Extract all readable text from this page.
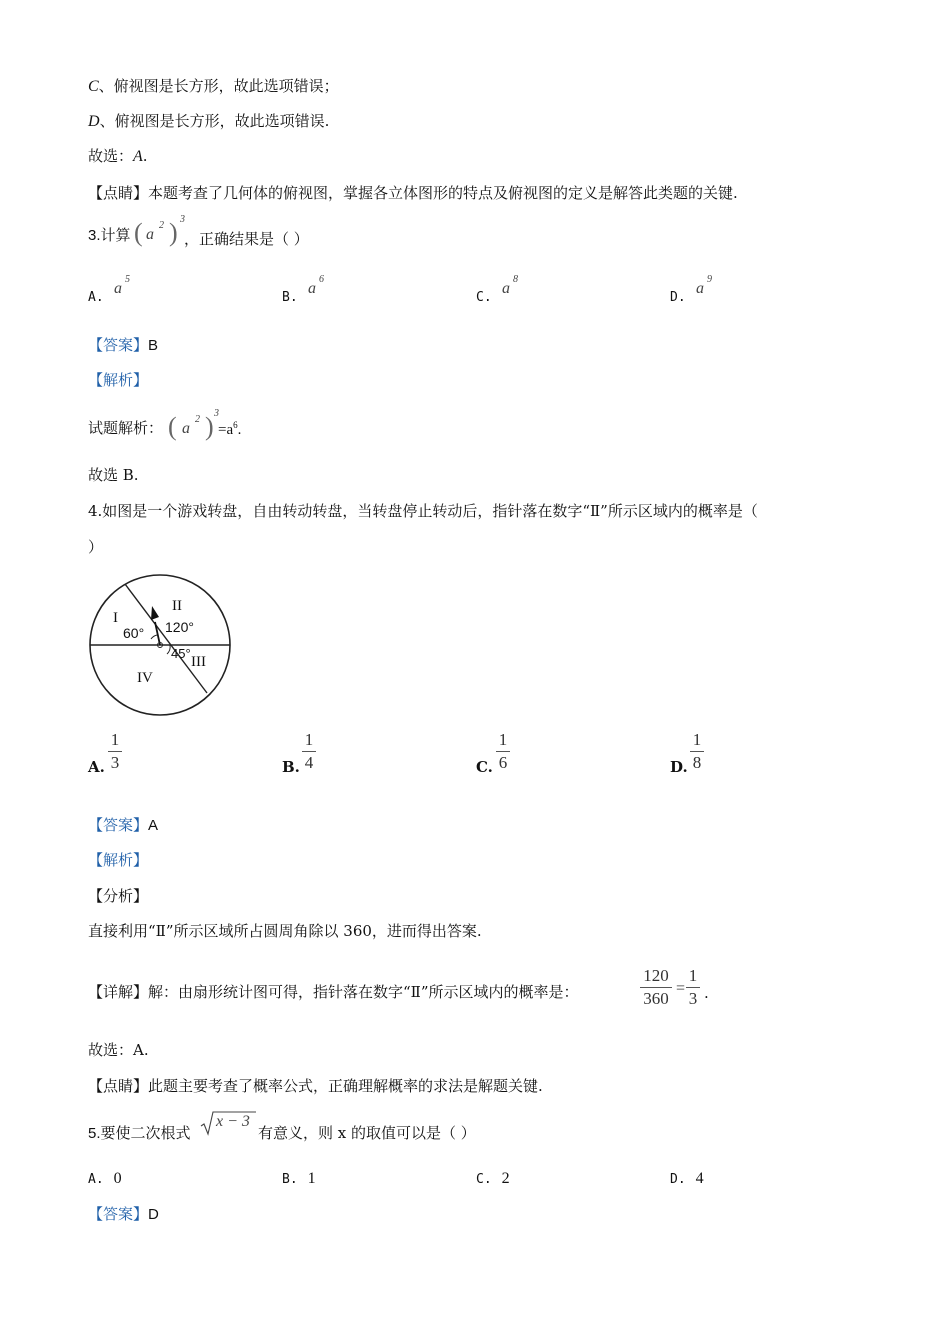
C、俯视图是长方形，故此选项错误；
D、俯视图是长方形，故此选项错误.
故选：A.
【点睛】本题考查了几何体的俯视图，掌握各立体图形的特点及俯视图的定义是解答此类题的关键.
3.计算 ( a
2 ) 3
，正确结果是（ ）
A.
a
5
B.
a
6
C.
a
8
D.
a
9
【答案】B
【解析】
试题解析： ( a
2 ) 3
$=a^6$.
故选 B.
4.如图是一个游戏转盘，自由转动转盘，当转盘停止转动后，指针落在数字“Ⅱ”所示区域内的概率是（
）
I
II
III
IV
60° 120°
45°
A.
1
3	B.
1
4	C.
1
6	D.
1
8
【答案】A
【解析】
【分析】
直接利用“Ⅱ”所示区域所占圆周角除以 360，进而得出答案.
【详解】解：由扇形统计图可得，指针落在数字“Ⅱ”所示区域内的概率是：
120
360
=
1
3 .
故选：A.
【点睛】此题主要考查了概率公式，正确理解概率的求法是解题关键.
5.要使二次根式
x − 3
有意义，则 x 的取值可以是（ ）
A. 0	B. 1	C. 2	D. 4
【答案】D
